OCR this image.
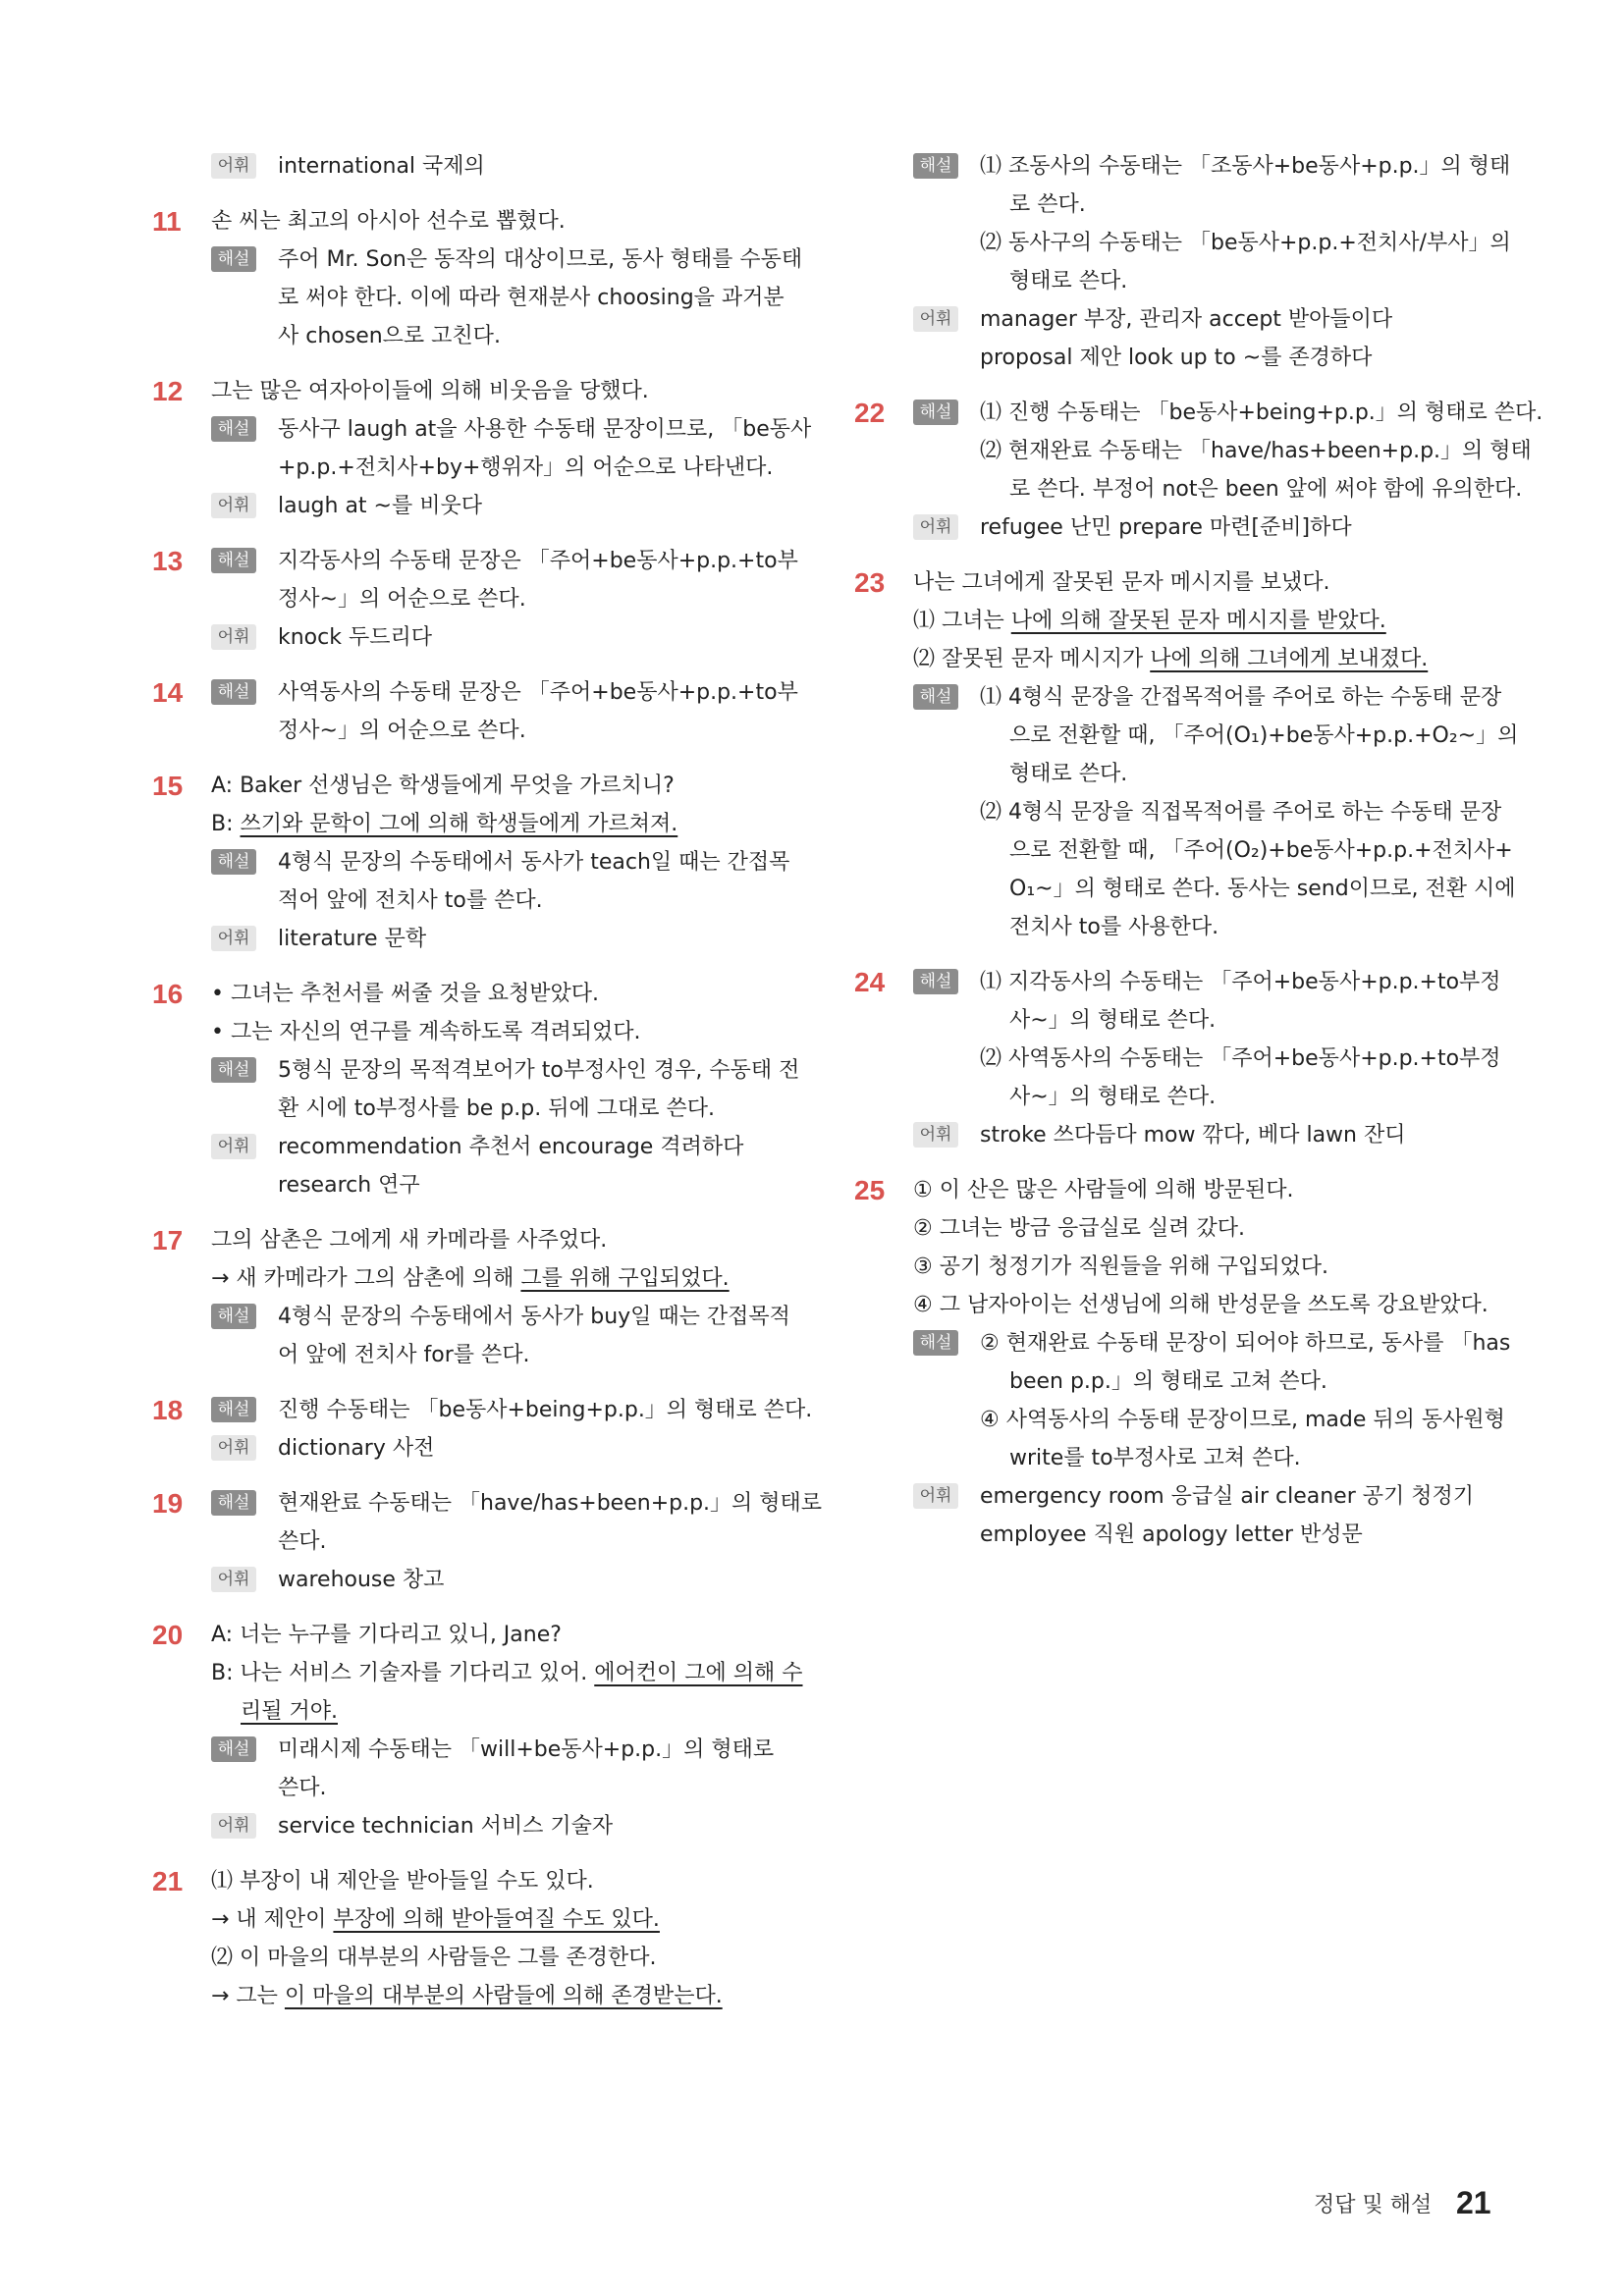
어휘 international 국제의
11	손 씨는 최고의 아시아 선수로 뽑혔다.
해설 주어 Mr. Son은 동작의 대상이므로, 동사 형태를 수동태
로 써야 한다. 이에 따라 현재분사 choosing을 과거분
사 chosen으로 고친다.
12	그는 많은 여자아이들에 의해 비웃음을 당했다.
해설 동사구 laugh at을 사용한 수동태 문장이므로, 「be동사
+p.p.+전치사+by+행위자」의 어순으로 나타낸다.
어휘 laugh at ~를 비웃다
13	해설 지각동사의 수동태 문장은 「주어+be동사+p.p.+to부
정사~」의 어순으로 쓴다.
어휘 knock 두드리다
14	해설 사역동사의 수동태 문장은 「주어+be동사+p.p.+to부
정사~」의 어순으로 쓴다.
15	A: Baker 선생님은 학생들에게 무엇을 가르치니?
B: 쓰기와 문학이 그에 의해 학생들에게 가르쳐져.
해설 4형식 문장의 수동태에서 동사가 teach일 때는 간접목
적어 앞에 전치사 to를 쓴다.
어휘 literature 문학
16	• 그녀는 추천서를 써줄 것을 요청받았다.
• 그는 자신의 연구를 계속하도록 격려되었다.
해설 5형식 문장의 목적격보어가 to부정사인 경우, 수동태 전
환 시에 to부정사를 be p.p. 뒤에 그대로 쓴다.
어휘 recommendation 추천서 encourage 격려하다
research 연구
17	그의 삼촌은 그에게 새 카메라를 사주었다.
→ 새 카메라가 그의 삼촌에 의해 그를 위해 구입되었다.
해설 4형식 문장의 수동태에서 동사가 buy일 때는 간접목적
어 앞에 전치사 for를 쓴다.
18	해설 진행 수동태는 「be동사+being+p.p.」의 형태로 쓴다.
어휘 dictionary 사전
19	해설 현재완료 수동태는 「have/has+been+p.p.」의 형태로
쓴다.
어휘 warehouse 창고
20	A: 너는 누구를 기다리고 있니, Jane?
B: 나는 서비스 기술자를 기다리고 있어. 에어컨이 그에 의해 수
리될 거야.
해설 미래시제 수동태는 「will+be동사+p.p.」의 형태로
쓴다.
어휘 service technician 서비스 기술자
21	⑴ 부장이 내 제안을 받아들일 수도 있다.
→ 내 제안이 부장에 의해 받아들여질 수도 있다.
⑵ 이 마을의 대부분의 사람들은 그를 존경한다.
→ 그는 이 마을의 대부분의 사람들에 의해 존경받는다.
해설 ⑴ 조동사의 수동태는 「조동사+be동사+p.p.」의 형태
로 쓴다.
⑵ 동사구의 수동태는 「be동사+p.p.+전치사/부사」의
형태로 쓴다.
어휘 manager 부장, 관리자 accept 받아들이다
proposal 제안 look up to ~를 존경하다
22	해설 ⑴ 진행 수동태는 「be동사+being+p.p.」의 형태로 쓴다.
⑵ 현재완료 수동태는 「have/has+been+p.p.」의 형태
로 쓴다. 부정어 not은 been 앞에 써야 함에 유의한다.
어휘 refugee 난민 prepare 마련[준비]하다
23	나는 그녀에게 잘못된 문자 메시지를 보냈다.
⑴ 그녀는 나에 의해 잘못된 문자 메시지를 받았다.
⑵ 잘못된 문자 메시지가 나에 의해 그녀에게 보내졌다.
해설 ⑴ 4형식 문장을 간접목적어를 주어로 하는 수동태 문장
으로 전환할 때, 「주어(O₁)+be동사+p.p.+O₂~」의
형태로 쓴다.
⑵ 4형식 문장을 직접목적어를 주어로 하는 수동태 문장
으로 전환할 때, 「주어(O₂)+be동사+p.p.+전치사+
O₁~」의 형태로 쓴다. 동사는 send이므로, 전환 시에
전치사 to를 사용한다.
24	해설 ⑴ 지각동사의 수동태는 「주어+be동사+p.p.+to부정
사~」의 형태로 쓴다.
⑵ 사역동사의 수동태는 「주어+be동사+p.p.+to부정
사~」의 형태로 쓴다.
어휘 stroke 쓰다듬다 mow 깎다, 베다 lawn 잔디
25	① 이 산은 많은 사람들에 의해 방문된다.
② 그녀는 방금 응급실로 실려 갔다.
③ 공기 청정기가 직원들을 위해 구입되었다.
④ 그 남자아이는 선생님에 의해 반성문을 쓰도록 강요받았다.
해설 ② 현재완료 수동태 문장이 되어야 하므로, 동사를 「has
been p.p.」의 형태로 고쳐 쓴다.
④ 사역동사의 수동태 문장이므로, made 뒤의 동사원형
write를 to부정사로 고쳐 쓴다.
어휘 emergency room 응급실 air cleaner 공기 청정기
employee 직원 apology letter 반성문
정답 및 해설 21
